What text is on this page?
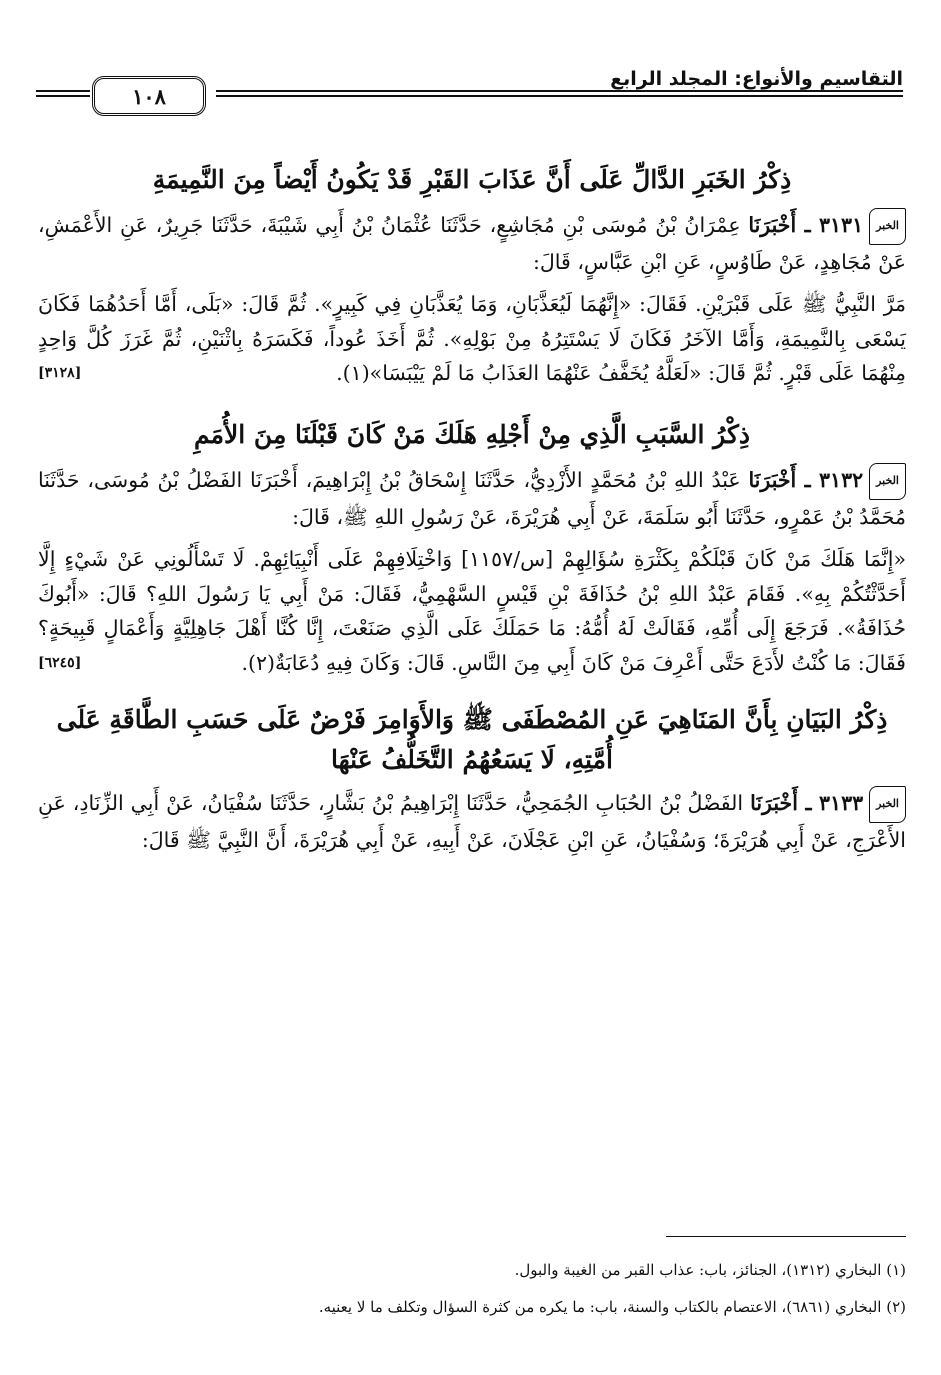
التقاسيم والأنواع: المجلد الرابع
١٠٨
ذِكْرُ الخَبَرِ الدَّالِّ عَلَى أَنَّ عَذَابَ القَبْرِ قَدْ يَكُونُ أَيْضاً مِنَ النَّمِيمَةِ

الخبر٣١٣١ ـ أَخْبَرَنَا عِمْرَانُ بْنُ مُوسَى بْنِ مُجَاشِعٍ، حَدَّثَنَا عُثْمَانُ بْنُ أَبِي شَيْبَةَ، حَدَّثَنَا جَرِيرٌ، عَنِ الأَعْمَشِ، عَنْ مُجَاهِدٍ، عَنْ طَاوُسٍ، عَنِ ابْنِ عَبَّاسٍ، قَالَ:

مَرَّ النَّبِيُّ ﷺ عَلَى قَبْرَيْنِ. فَقَالَ: «إِنَّهُمَا لَيُعَذَّبَانِ، وَمَا يُعَذَّبَانِ فِي كَبِيرٍ». ثُمَّ قَالَ: «بَلَى، أَمَّا أَحَدُهُمَا فَكَانَ يَسْعَى بِالنَّمِيمَةِ، وَأَمَّا الآخَرُ فَكَانَ لَا يَسْتَتِرُهُ مِنْ بَوْلِهِ». ثُمَّ أَخَذَ عُوداً، فَكَسَرَهُ بِاثْنَيْنِ، ثُمَّ غَرَزَ كُلَّ وَاحِدٍ مِنْهُمَا عَلَى قَبْرٍ. ثُمَّ قَالَ: «لَعَلَّهُ يُخَفَّفُ عَنْهُمَا العَذَابُ مَا لَمْ يَيْبَسَا»(١).
[٣١٢٨]

ذِكْرُ السَّبَبِ الَّذِي مِنْ أَجْلِهِ هَلَكَ مَنْ كَانَ قَبْلَنَا مِنَ الأُمَمِ

الخبر٣١٣٢ ـ أَخْبَرَنَا عَبْدُ اللهِ بْنُ مُحَمَّدٍ الأَزْدِيُّ، حَدَّثَنَا إِسْحَاقُ بْنُ إِبْرَاهِيمَ، أَخْبَرَنَا الفَضْلُ بْنُ مُوسَى، حَدَّثَنَا مُحَمَّدُ بْنُ عَمْرٍو، حَدَّثَنَا أَبُو سَلَمَةَ، عَنْ أَبِي هُرَيْرَةَ، عَنْ رَسُولِ اللهِ ﷺ، قَالَ:

«إِنَّمَا هَلَكَ مَنْ كَانَ قَبْلَكُمْ بِكَثْرَةِ سُؤَالِهِمْ [س/١١٥٧] وَاخْتِلَافِهِمْ عَلَى أَنْبِيَائِهِمْ. لَا تَسْأَلُونِي عَنْ شَيْءٍ إِلَّا أَحَدَّثْتُكُمْ بِهِ». فَقَامَ عَبْدُ اللهِ بْنُ حُذَافَةَ بْنِ قَيْسٍ السَّهْمِيُّ، فَقَالَ: مَنْ أَبِي يَا رَسُولَ اللهِ؟ قَالَ: «أَبُوكَ حُذَافَةُ». فَرَجَعَ إِلَى أُمِّهِ، فَقَالَتْ لَهُ أُمُّهُ: مَا حَمَلَكَ عَلَى الَّذِي صَنَعْتَ، إِنَّا كُنَّا أَهْلَ جَاهِلِيَّةٍ وَأَعْمَالٍ قَبِيحَةٍ؟ فَقَالَ: مَا كُنْتُ لأَدَعَ حَتَّى أَعْرِفَ مَنْ كَانَ أَبِي مِنَ النَّاسِ. قَالَ: وَكَانَ فِيهِ دُعَابَةٌ(٢).
[٦٢٤٥]

ذِكْرُ البَيَانِ بِأَنَّ المَنَاهِيَ عَنِ المُصْطَفَى ﷺ وَالأَوَامِرَ فَرْضٌ عَلَى حَسَبِ الطَّاقَةِ عَلَى أُمَّتِهِ، لَا يَسَعُهُمُ التَّخَلُّفُ عَنْهَا

الخبر٣١٣٣ ـ أَخْبَرَنَا الفَضْلُ بْنُ الحُبَابِ الجُمَحِيُّ، حَدَّثَنَا إِبْرَاهِيمُ بْنُ بَشَّارٍ، حَدَّثَنَا سُفْيَانُ، عَنْ أَبِي الزِّنَادِ، عَنِ الأَعْرَجِ، عَنْ أَبِي هُرَيْرَةَ؛ وَسُفْيَانُ، عَنِ ابْنِ عَجْلَانَ، عَنْ أَبِيهِ، عَنْ أَبِي هُرَيْرَةَ، أَنَّ النَّبِيَّ ﷺ قَالَ:

(١) البخاري (١٣١٢)، الجنائز، باب: عذاب القبر من الغيبة والبول.
(٢) البخاري (٦٨٦١)، الاعتصام بالكتاب والسنة، باب: ما يكره من كثرة السؤال وتكلف ما لا يعنيه.
